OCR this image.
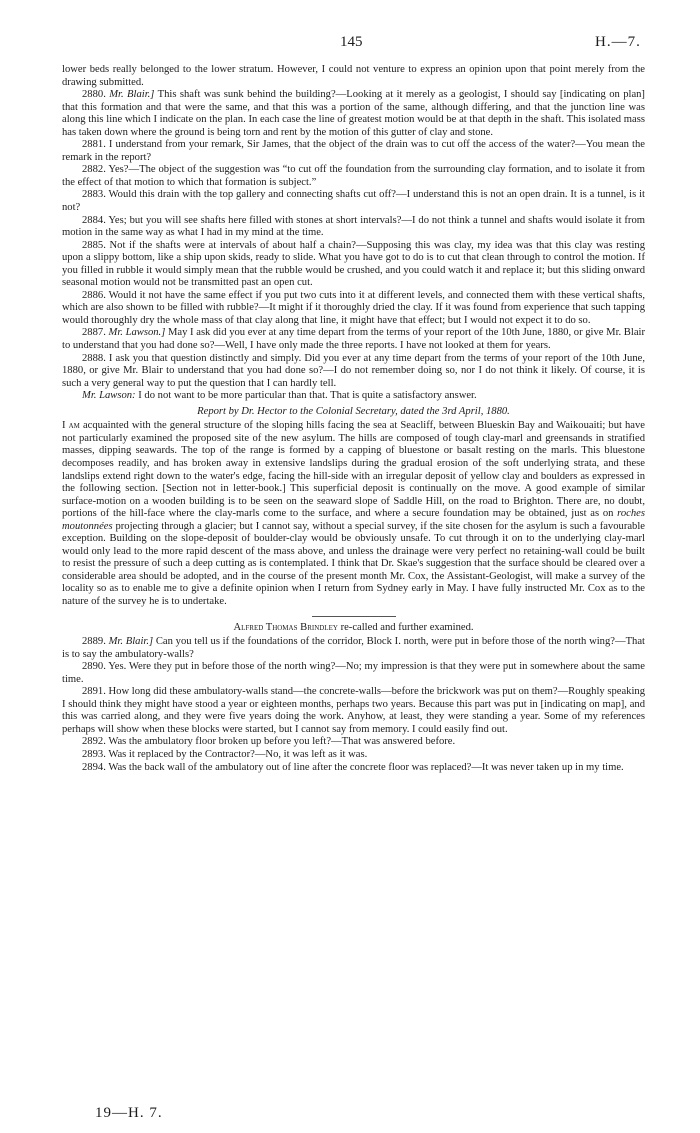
145	H.—7.

lower beds really belonged to the lower stratum. However, I could not venture to express an opinion upon that point merely from the drawing submitted.

2880. Mr. Blair.] This shaft was sunk behind the building?—Looking at it merely as a geologist, I should say [indicating on plan] that this formation and that were the same, and that this was a portion of the same, although differing, and that the junction line was along this line which I indicate on the plan. In each case the line of greatest motion would be at that depth in the shaft. This isolated mass has taken down where the ground is being torn and rent by the motion of this gutter of clay and stone.

2881. I understand from your remark, Sir James, that the object of the drain was to cut off the access of the water?—You mean the remark in the report?

2882. Yes?—The object of the suggestion was “to cut off the foundation from the surrounding clay formation, and to isolate it from the effect of that motion to which that formation is subject.”

2883. Would this drain with the top gallery and connecting shafts cut off?—I understand this is not an open drain. It is a tunnel, is it not?

2884. Yes; but you will see shafts here filled with stones at short intervals?—I do not think a tunnel and shafts would isolate it from motion in the same way as what I had in my mind at the time.

2885. Not if the shafts were at intervals of about half a chain?—Supposing this was clay, my idea was that this clay was resting upon a slippy bottom, like a ship upon skids, ready to slide. What you have got to do is to cut that clean through to control the motion. If you filled in rubble it would simply mean that the rubble would be crushed, and you could watch it and replace it; but this sliding onward seasonal motion would not be transmitted past an open cut.

2886. Would it not have the same effect if you put two cuts into it at different levels, and connected them with these vertical shafts, which are also shown to be filled with rubble?—It might if it thoroughly dried the clay. If it was found from experience that such tapping would thoroughly dry the whole mass of that clay along that line, it might have that effect; but I would not expect it to do so.

2887. Mr. Lawson.] May I ask did you ever at any time depart from the terms of your report of the 10th June, 1880, or give Mr. Blair to understand that you had done so?—Well, I have only made the three reports. I have not looked at them for years.

2888. I ask you that question distinctly and simply. Did you ever at any time depart from the terms of your report of the 10th June, 1880, or give Mr. Blair to understand that you had done so?—I do not remember doing so, nor I do not think it likely. Of course, it is such a very general way to put the question that I can hardly tell.

Mr. Lawson: I do not want to be more particular than that. That is quite a satisfactory answer.

Report by Dr. Hector to the Colonial Secretary, dated the 3rd April, 1880.

I am acquainted with the general structure of the sloping hills facing the sea at Seacliff, between Blueskin Bay and Waikouaiti; but have not particularly examined the proposed site of the new asylum. The hills are composed of tough clay-marl and greensands in stratified masses, dipping seawards. The top of the range is formed by a capping of bluestone or basalt resting on the marls. This bluestone decomposes readily, and has broken away in extensive landslips during the gradual erosion of the soft underlying strata, and these landslips extend right down to the water's edge, facing the hill-side with an irregular deposit of yellow clay and boulders as expressed in the following section. [Section not in letter-book.] This superficial deposit is continually on the move. A good example of similar surface-motion on a wooden building is to be seen on the seaward slope of Saddle Hill, on the road to Brighton. There are, no doubt, portions of the hill-face where the clay-marls come to the surface, and where a secure foundation may be obtained, just as on roches moutonnées projecting through a glacier; but I cannot say, without a special survey, if the site chosen for the asylum is such a favourable exception. Building on the slope-deposit of boulder-clay would be obviously unsafe. To cut through it on to the underlying clay-marl would only lead to the more rapid descent of the mass above, and unless the drainage were very perfect no retaining-wall could be built to resist the pressure of such a deep cutting as is contemplated. I think that Dr. Skae's suggestion that the surface should be cleared over a considerable area should be adopted, and in the course of the present month Mr. Cox, the Assistant-Geologist, will make a survey of the locality so as to enable me to give a definite opinion when I return from Sydney early in May. I have fully instructed Mr. Cox as to the nature of the survey he is to undertake.

Alfred Thomas Brindley re-called and further examined.

2889. Mr. Blair.] Can you tell us if the foundations of the corridor, Block I. north, were put in before those of the north wing?—That is to say the ambulatory-walls?

2890. Yes. Were they put in before those of the north wing?—No; my impression is that they were put in somewhere about the same time.

2891. How long did these ambulatory-walls stand—the concrete-walls—before the brickwork was put on them?—Roughly speaking I should think they might have stood a year or eighteen months, perhaps two years. Because this part was put in [indicating on map], and this was carried along, and they were five years doing the work. Anyhow, at least, they were standing a year. Some of my references perhaps will show when these blocks were started, but I cannot say from memory. I could easily find out.

2892. Was the ambulatory floor broken up before you left?—That was answered before.

2893. Was it replaced by the Contractor?—No, it was left as it was.

2894. Was the back wall of the ambulatory out of line after the concrete floor was replaced?—It was never taken up in my time.

19—H. 7.
